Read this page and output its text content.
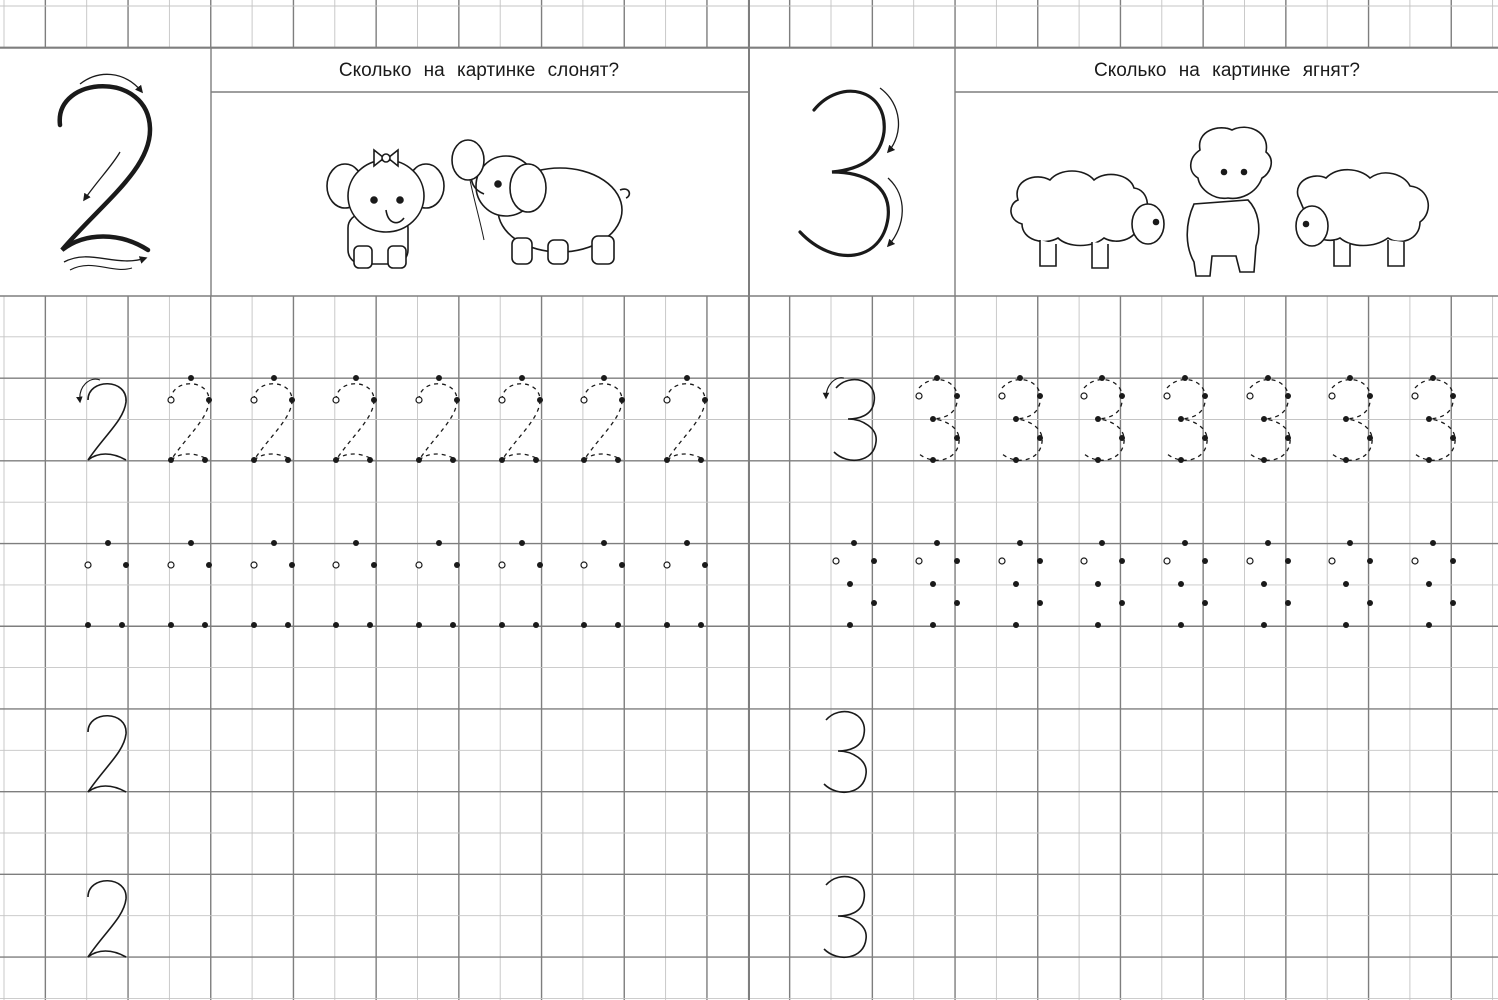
Сколько на картинке слонят?	Сколько на картинке ягнят?
